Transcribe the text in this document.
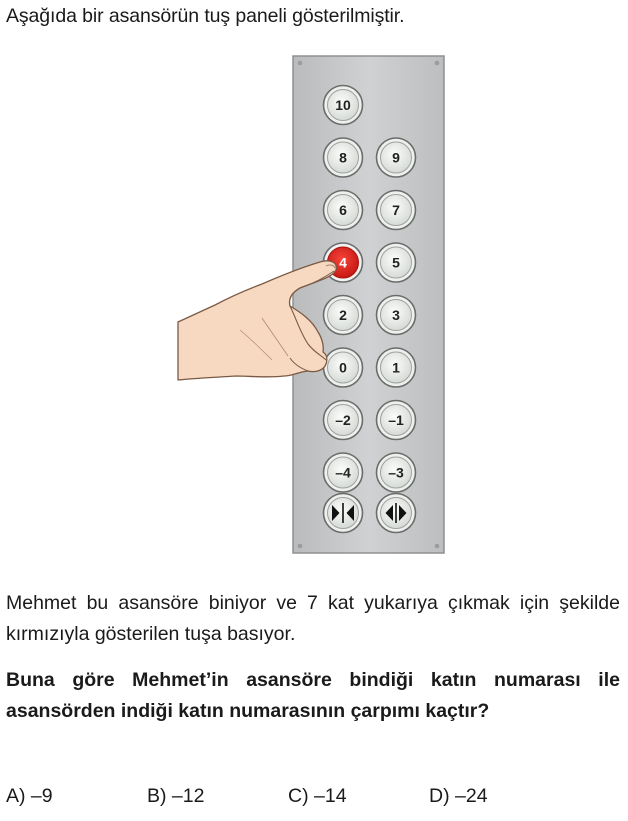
Aşağıda bir asansörün tuş paneli gösterilmiştir.
10
8	9
6	7
4	5
2	3
0	1
–2	–1
–4	–3
Mehmet bu asansöre biniyor ve 7 kat yukarıya çıkmak için şekilde kırmızıyla gösterilen tuşa basıyor.
Buna göre Mehmet’in asansöre bindiği katın numarası ile asansörden indiği katın numarasının çarpımı kaçtır?
A) –9	B) –12	C) –14	D) –24
